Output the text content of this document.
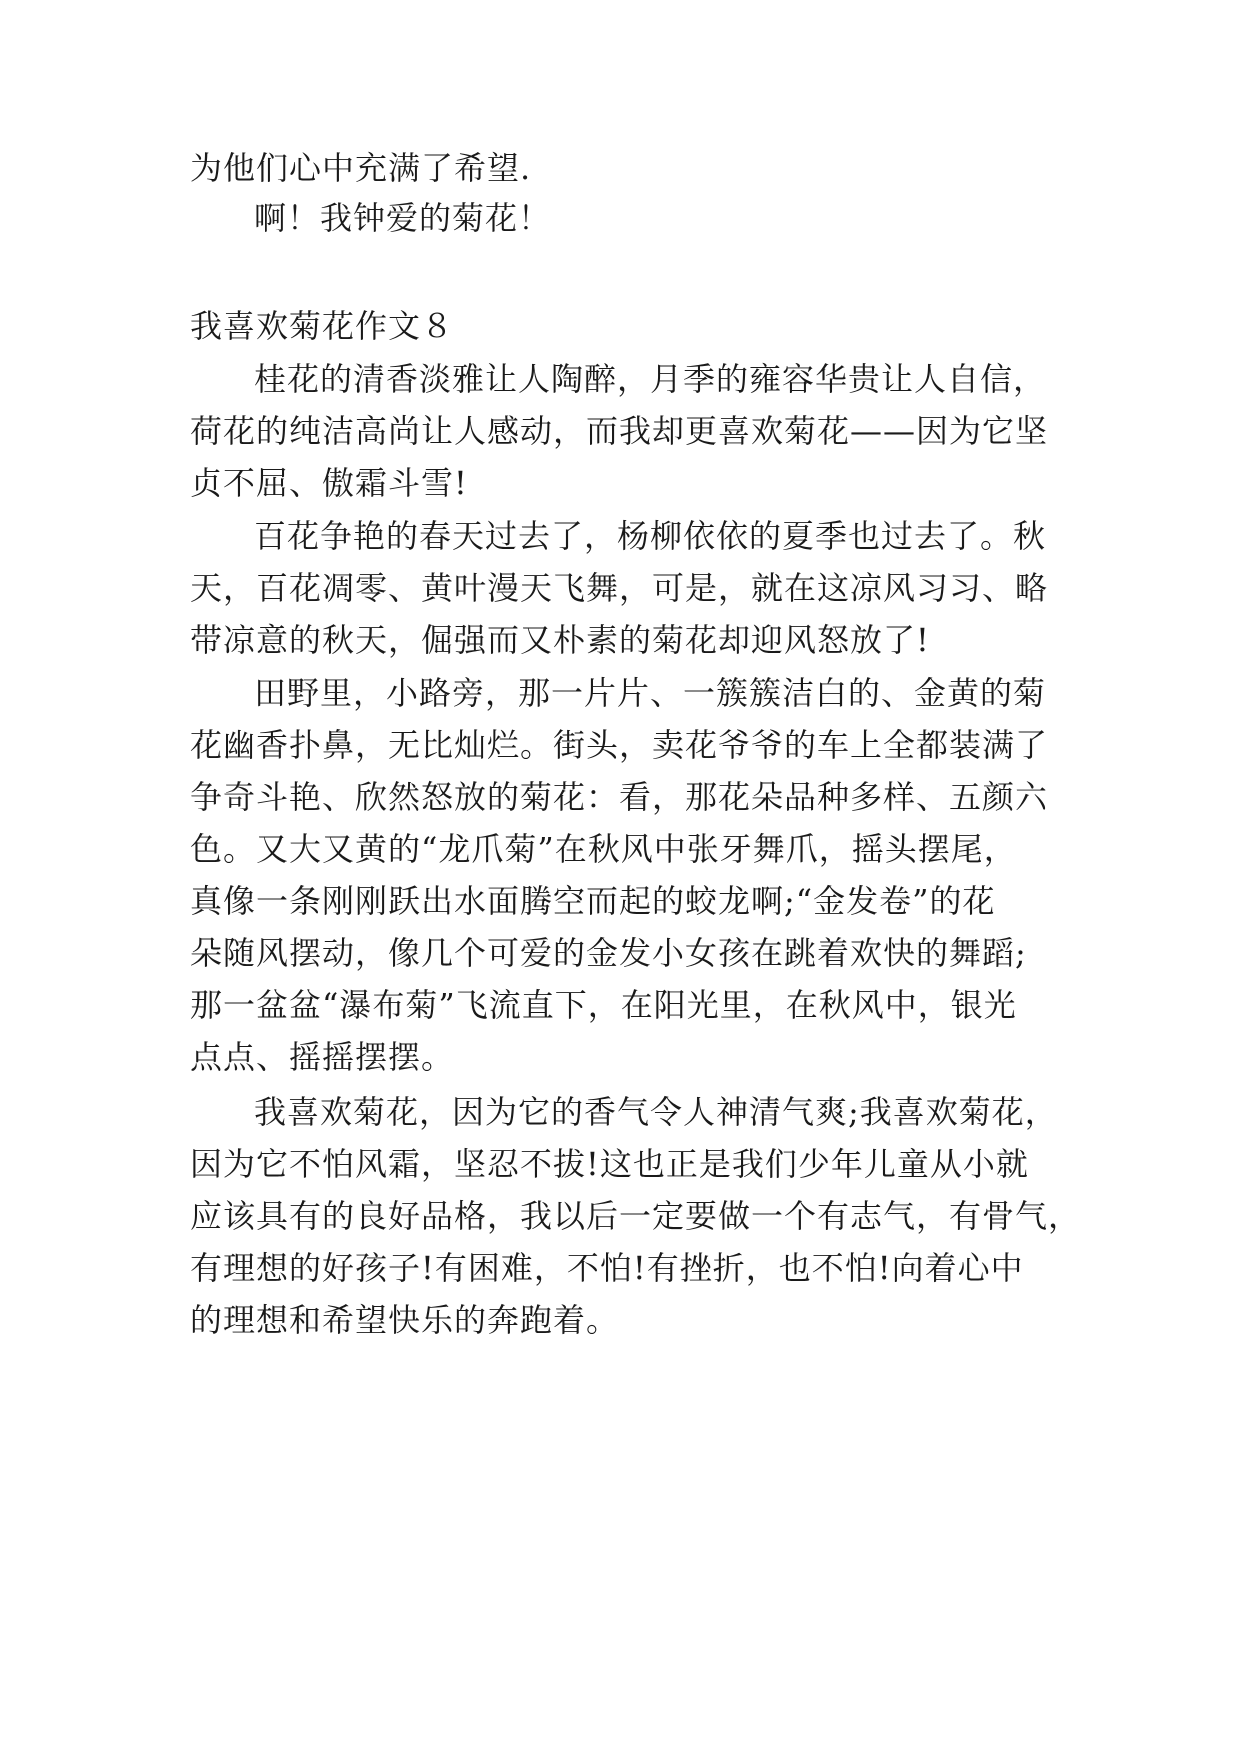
为他们心中充满了希望.
啊！我钟爱的菊花！
我喜欢菊花作文８
桂花的清香淡雅让人陶醉，月季的雍容华贵让人自信，
荷花的纯洁高尚让人感动，而我却更喜欢菊花——因为它坚
贞不屈、傲霜斗雪!
百花争艳的春天过去了，杨柳依依的夏季也过去了。秋
天，百花凋零、黄叶漫天飞舞，可是，就在这凉风习习、略
带凉意的秋天，倔强而又朴素的菊花却迎风怒放了!
田野里，小路旁，那一片片、一簇簇洁白的、金黄的菊
花幽香扑鼻，无比灿烂。街头，卖花爷爷的车上全都装满了
争奇斗艳、欣然怒放的菊花：看，那花朵品种多样、五颜六
色。又大又黄的“龙爪菊”在秋风中张牙舞爪，摇头摆尾，
真像一条刚刚跃出水面腾空而起的蛟龙啊;“金发卷”的花
朵随风摆动，像几个可爱的金发小女孩在跳着欢快的舞蹈;
那一盆盆“瀑布菊”飞流直下，在阳光里，在秋风中，银光
点点、摇摇摆摆。
我喜欢菊花，因为它的香气令人神清气爽;我喜欢菊花，
因为它不怕风霜，坚忍不拔!这也正是我们少年儿童从小就
应该具有的良好品格，我以后一定要做一个有志气，有骨气，
有理想的好孩子!有困难，不怕!有挫折，也不怕!向着心中
的理想和希望快乐的奔跑着。
